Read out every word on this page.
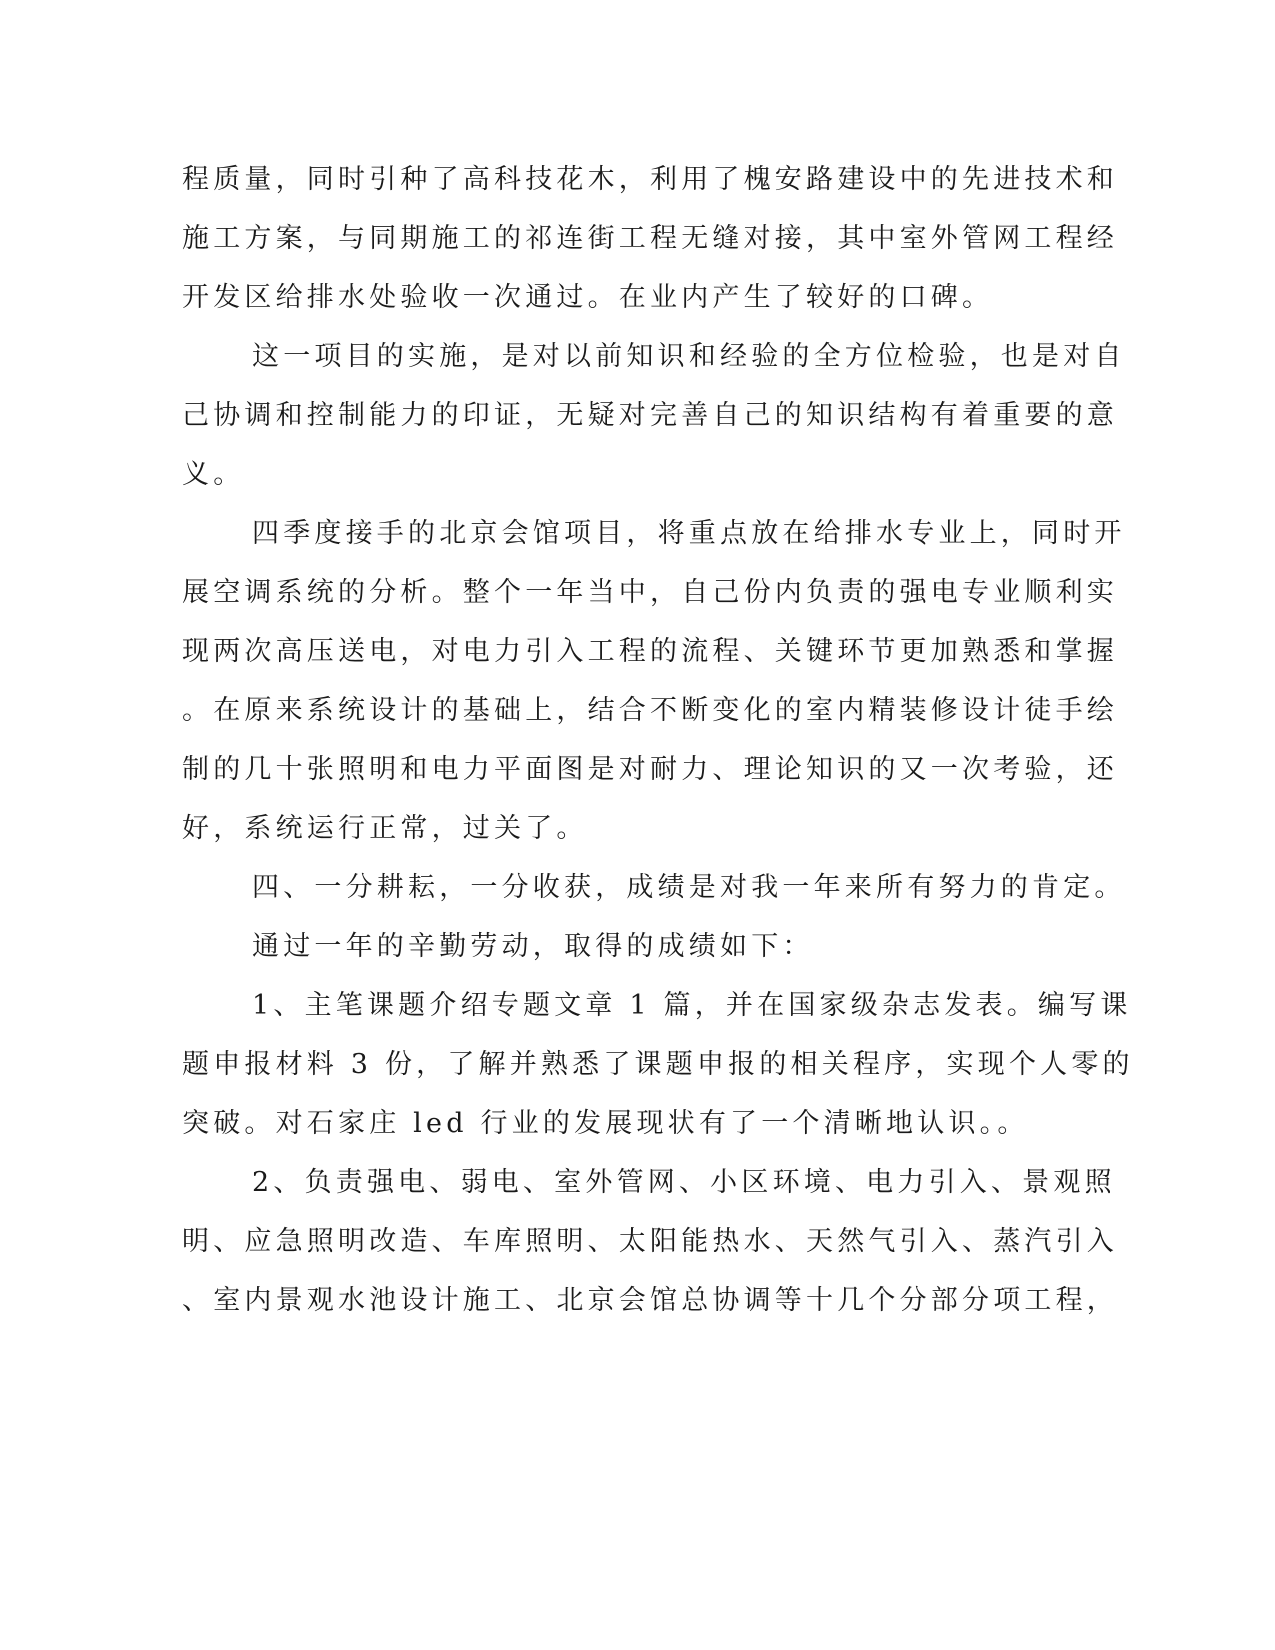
程质量，同时引种了高科技花木，利用了槐安路建设中的先进技术和

施工方案，与同期施工的祁连街工程无缝对接，其中室外管网工程经

开发区给排水处验收一次通过。在业内产生了较好的口碑。

这一项目的实施，是对以前知识和经验的全方位检验，也是对自

己协调和控制能力的印证，无疑对完善自己的知识结构有着重要的意

义。

四季度接手的北京会馆项目，将重点放在给排水专业上，同时开

展空调系统的分析。整个一年当中，自己份内负责的强电专业顺利实

现两次高压送电，对电力引入工程的流程、关键环节更加熟悉和掌握

。在原来系统设计的基础上，结合不断变化的室内精装修设计徒手绘

制的几十张照明和电力平面图是对耐力、理论知识的又一次考验，还

好，系统运行正常，过关了。

四、一分耕耘，一分收获，成绩是对我一年来所有努力的肯定。

通过一年的辛勤劳动，取得的成绩如下：

1、主笔课题介绍专题文章 1 篇，并在国家级杂志发表。编写课

题申报材料 3 份，了解并熟悉了课题申报的相关程序，实现个人零的

突破。对石家庄 led 行业的发展现状有了一个清晰地认识。。

2、负责强电、弱电、室外管网、小区环境、电力引入、景观照

明、应急照明改造、车库照明、太阳能热水、天然气引入、蒸汽引入

、室内景观水池设计施工、北京会馆总协调等十几个分部分项工程，
